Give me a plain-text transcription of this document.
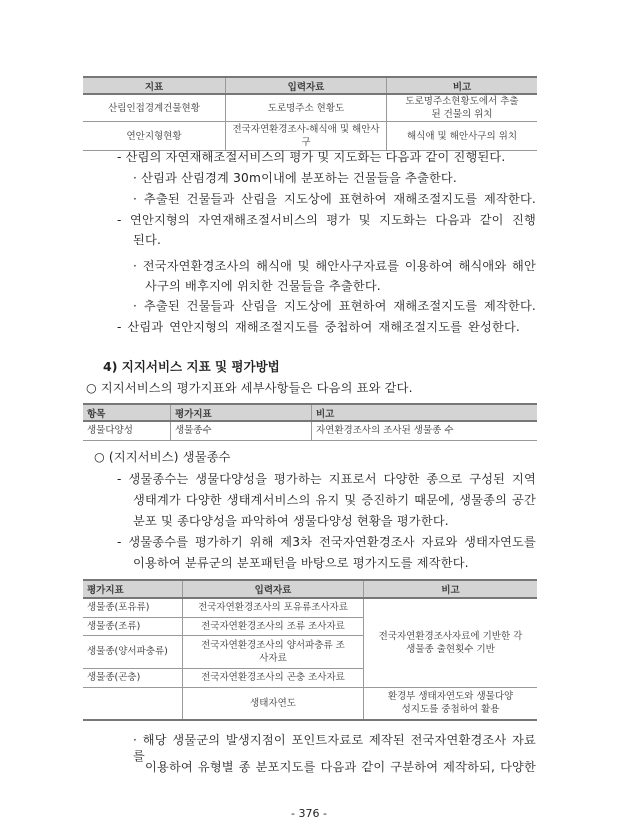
지표	입력자료	비고
산림인접경계건물현황	도로명주소 현황도	도로명주소현황도에서 추출된 건물의 위치
연안지형현황	전국자연환경조사-해식애 및 해안사구	해식애 및 해안사구의 위치
- 산림의 자연재해조절서비스의 평가 및 지도화는 다음과 같이 진행된다.
· 산림과 산림경계 30m이내에 분포하는 건물들을 추출한다.
· 추출된 건물들과 산림을 지도상에 표현하여 재해조절지도를 제작한다.
- 연안지형의 자연재해조절서비스의 평가 및 지도화는 다음과 같이 진행
된다.
· 전국자연환경조사의 해식애 및 해안사구자료를 이용하여 해식애와 해안
사구의 배후지에 위치한 건물들을 추출한다.
· 추출된 건물들과 산림을 지도상에 표현하여 재해조절지도를 제작한다.
- 산림과 연안지형의 재해조절지도를 중첩하여 재해조절지도를 완성한다.
4) 지지서비스 지표 및 평가방법
○ 지지서비스의 평가지표와 세부사항들은 다음의 표와 같다.
항목	평가지표	비고
생물다양성	생물종수	자연환경조사의 조사된 생물종 수
○ (지지서비스) 생물종수
- 생물종수는 생물다양성을 평가하는 지표로서 다양한 종으로 구성된 지역
생태계가 다양한 생태계서비스의 유지 및 증진하기 때문에, 생물종의 공간
분포 및 종다양성을 파악하여 생물다양성 현황을 평가한다.
- 생물종수를 평가하기 위해 제3차 전국자연환경조사 자료와 생태자연도를
이용하여 분류군의 분포패턴을 바탕으로 평가지도를 제작한다.
평가지표	입력자료	비고
생물종(포유류)	전국자연환경조사의 포유류조사자료	전국자연환경조사자료에 기반한 각 생물종 출현횟수 기반
생물종(조류)	전국자연환경조사의 조류 조사자료	
생물종(양서파충류)	전국자연환경조사의 양서파충류 조사자료	
생물종(곤충)	전국자연환경조사의 곤충 조사자료	
	생태자연도	환경부 생태자연도와 생물다양성지도를 중첩하여 활용
· 해당 생물군의 발생지점이 포인트자료로 제작된 전국자연환경조사 자료를
이용하여 유형별 종 분포지도를 다음과 같이 구분하여 제작하되, 다양한
- 376 -
